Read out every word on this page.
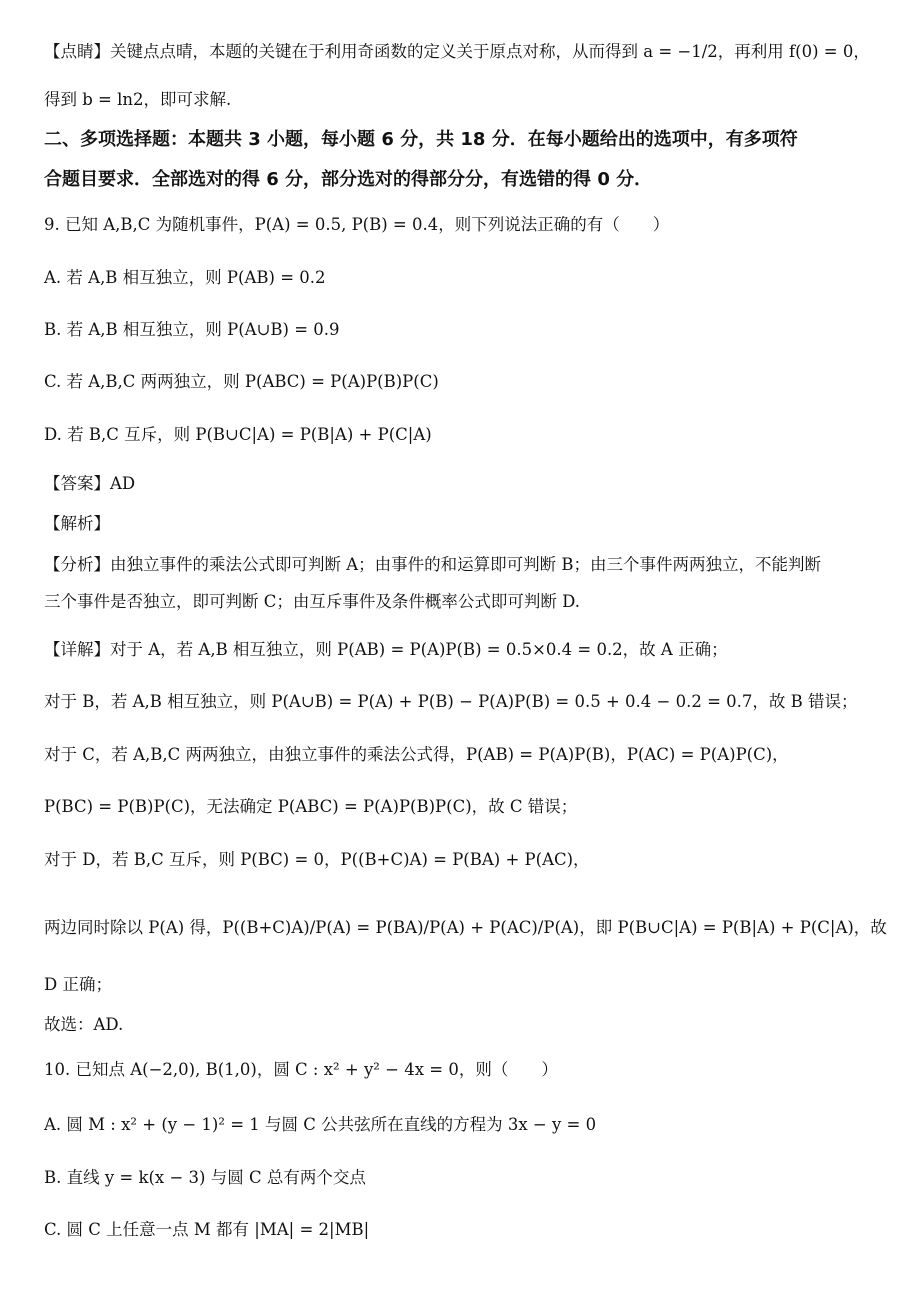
【点睛】关键点点晴，本题的关键在于利用奇函数的定义关于原点对称，从而得到 a = −1/2，再利用 f(0) = 0，
得到 b = ln2，即可求解.
二、多项选择题：本题共 3 小题，每小题 6 分，共 18 分．在每小题给出的选项中，有多项符
合题目要求．全部选对的得 6 分，部分选对的得部分分，有选错的得 0 分．
9. 已知 A,B,C 为随机事件，P(A) = 0.5, P(B) = 0.4，则下列说法正确的有（　　）
A. 若 A,B 相互独立，则 P(AB) = 0.2
B. 若 A,B 相互独立，则 P(A∪B) = 0.9
C. 若 A,B,C 两两独立，则 P(ABC) = P(A)P(B)P(C)
D. 若 B,C 互斥，则 P(B∪C|A) = P(B|A) + P(C|A)
【答案】AD
【解析】
【分析】由独立事件的乘法公式即可判断 A；由事件的和运算即可判断 B；由三个事件两两独立，不能判断
三个事件是否独立，即可判断 C；由互斥事件及条件概率公式即可判断 D.
【详解】对于 A，若 A,B 相互独立，则 P(AB) = P(A)P(B) = 0.5×0.4 = 0.2，故 A 正确；
对于 B，若 A,B 相互独立，则 P(A∪B) = P(A) + P(B) − P(A)P(B) = 0.5 + 0.4 − 0.2 = 0.7，故 B 错误；
对于 C，若 A,B,C 两两独立，由独立事件的乘法公式得，P(AB) = P(A)P(B)，P(AC) = P(A)P(C)，
P(BC) = P(B)P(C)，无法确定 P(ABC) = P(A)P(B)P(C)，故 C 错误；
对于 D，若 B,C 互斥，则 P(BC) = 0，P((B+C)A) = P(BA) + P(AC)，
两边同时除以 P(A) 得，P((B+C)A)/P(A) = P(BA)/P(A) + P(AC)/P(A)，即 P(B∪C|A) = P(B|A) + P(C|A)，故
D 正确；
故选：AD.
10. 已知点 A(−2,0), B(1,0)，圆 C : x² + y² − 4x = 0，则（　　）
A. 圆 M : x² + (y − 1)² = 1 与圆 C 公共弦所在直线的方程为 3x − y = 0
B. 直线 y = k(x − 3) 与圆 C 总有两个交点
C. 圆 C 上任意一点 M 都有 |MA| = 2|MB|
